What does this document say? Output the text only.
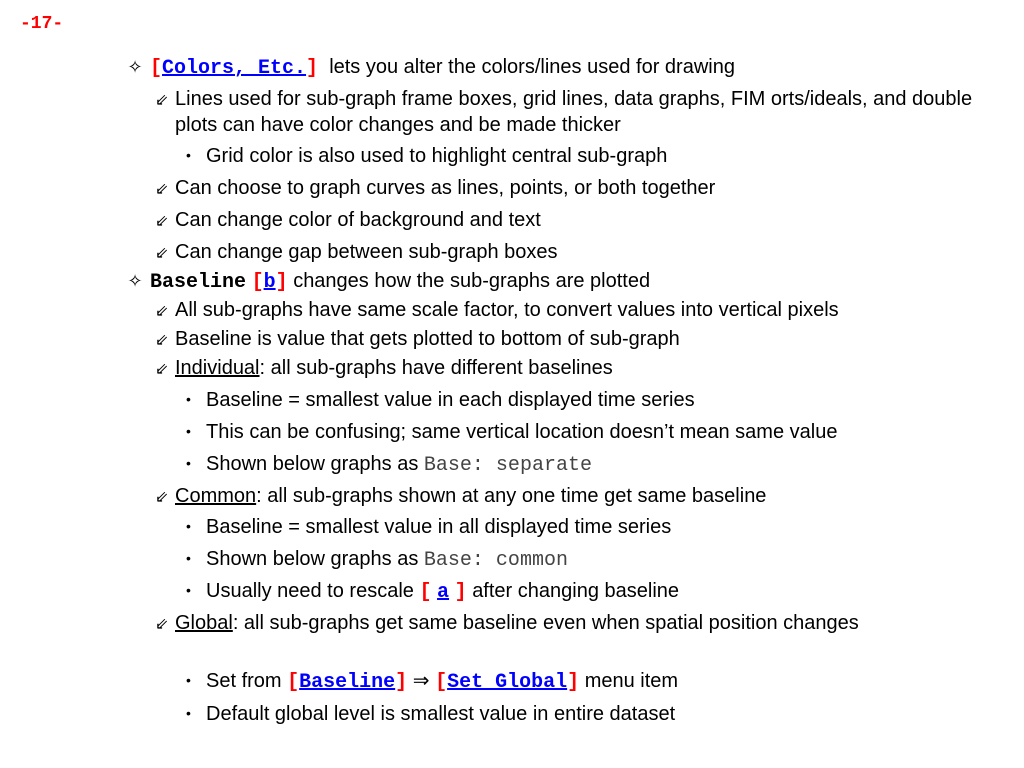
-17-
✧ [Colors, Etc.] lets you alter the colors/lines used for drawing
⇙ Lines used for sub-graph frame boxes, grid lines, data graphs, FIM orts/ideals, and double plots can have color changes and be made thicker
• Grid color is also used to highlight central sub-graph
⇙ Can choose to graph curves as lines, points, or both together
⇙ Can change color of background and text
⇙ Can change gap between sub-graph boxes
✧ Baseline [b] changes how the sub-graphs are plotted
⇙ All sub-graphs have same scale factor, to convert values into vertical pixels
⇙ Baseline is value that gets plotted to bottom of sub-graph
⇙ Individual: all sub-graphs have different baselines
• Baseline = smallest value in each displayed time series
• This can be confusing; same vertical location doesn’t mean same value
• Shown below graphs as Base: separate
⇙ Common: all sub-graphs shown at any one time get same baseline
• Baseline = smallest value in all displayed time series
• Shown below graphs as Base: common
• Usually need to rescale [ a ] after changing baseline
⇙ Global: all sub-graphs get same baseline even when spatial position changes
• Set from [Baseline] ⇒ [Set Global] menu item
• Default global level is smallest value in entire dataset
